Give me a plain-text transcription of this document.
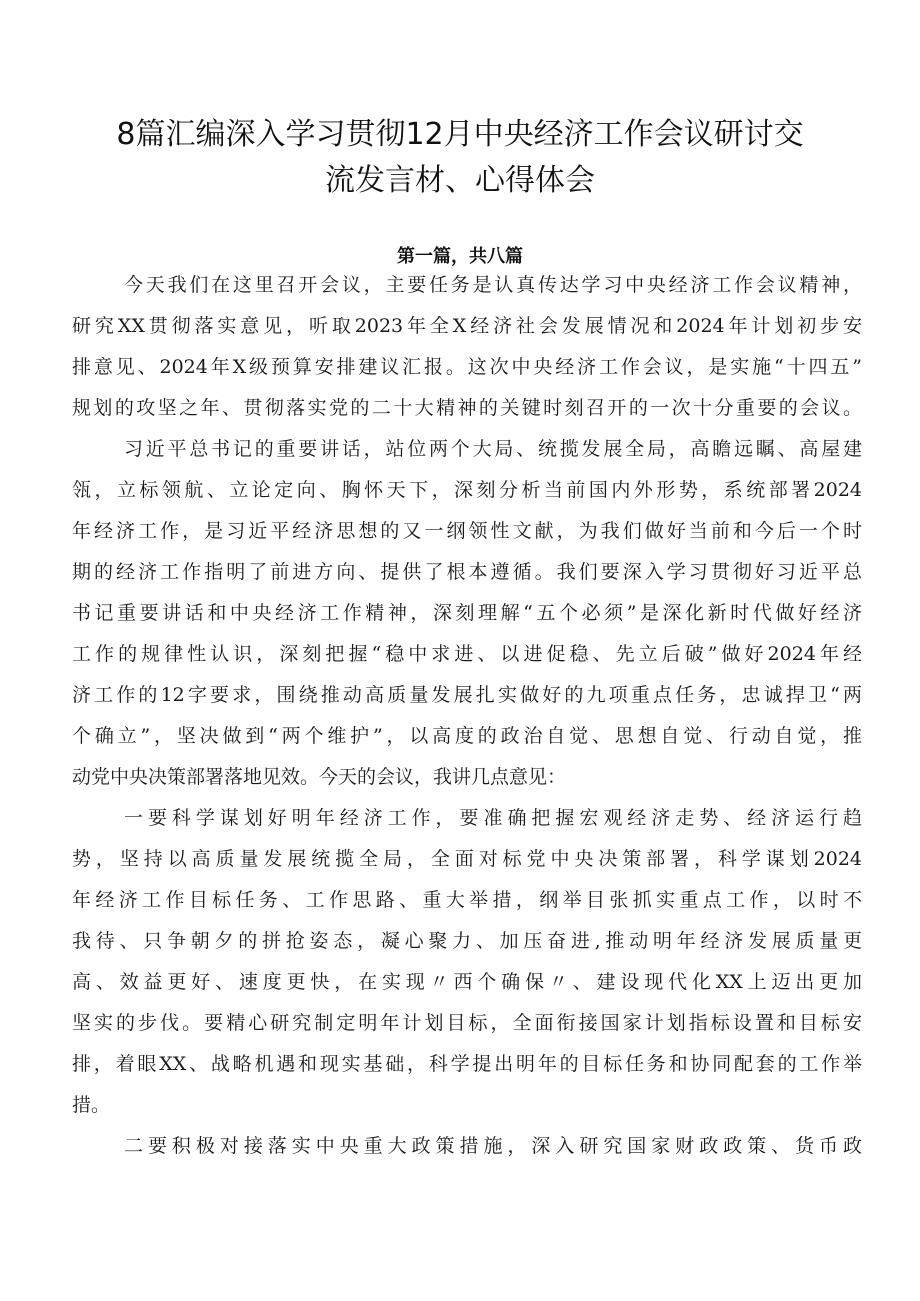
8篇汇编深入学习贯彻12月中央经济工作会议研讨交
流发言材、心得体会
第一篇，共八篇
今天我们在这里召开会议，主要任务是认真传达学习中央经济工作会议精神，
研究XX贯彻落实意见，听取2023年全X经济社会发展情况和2024年计划初步安
排意见、2024年X级预算安排建议汇报。这次中央经济工作会议，是实施“十四五”
规划的攻坚之年、贯彻落实党的二十大精神的关键时刻召开的一次十分重要的会议。
习近平总书记的重要讲话，站位两个大局、统揽发展全局，高瞻远瞩、高屋建
瓴，立标领航、立论定向、胸怀天下，深刻分析当前国内外形势，系统部署2024
年经济工作，是习近平经济思想的又一纲领性文献，为我们做好当前和今后一个时
期的经济工作指明了前进方向、提供了根本遵循。我们要深入学习贯彻好习近平总
书记重要讲话和中央经济工作精神，深刻理解“五个必须”是深化新时代做好经济
工作的规律性认识，深刻把握“稳中求进、以进促稳、先立后破”做好2024年经
济工作的12字要求，围绕推动高质量发展扎实做好的九项重点任务，忠诚捍卫“两
个确立”，坚决做到“两个维护”，以高度的政治自觉、思想自觉、行动自觉，推
动党中央决策部署落地见效。今天的会议，我讲几点意见：
一要科学谋划好明年经济工作，要准确把握宏观经济走势、经济运行趋
势，坚持以高质量发展统揽全局，全面对标党中央决策部署，科学谋划2024
年经济工作目标任务、工作思路、重大举措，纲举目张抓实重点工作，以时不
我待、只争朝夕的拼抢姿态，凝心聚力、加压奋进,推动明年经济发展质量更
高、效益更好、速度更快，在实现〃西个确保〃、建设现代化XX上迈出更加
坚实的步伐。要精心研究制定明年计划目标，全面衔接国家计划指标设置和目标安
排，着眼XX、战略机遇和现实基础，科学提出明年的目标任务和协同配套的工作举
措。
二要积极对接落实中央重大政策措施，深入研究国家财政政策、货币政
